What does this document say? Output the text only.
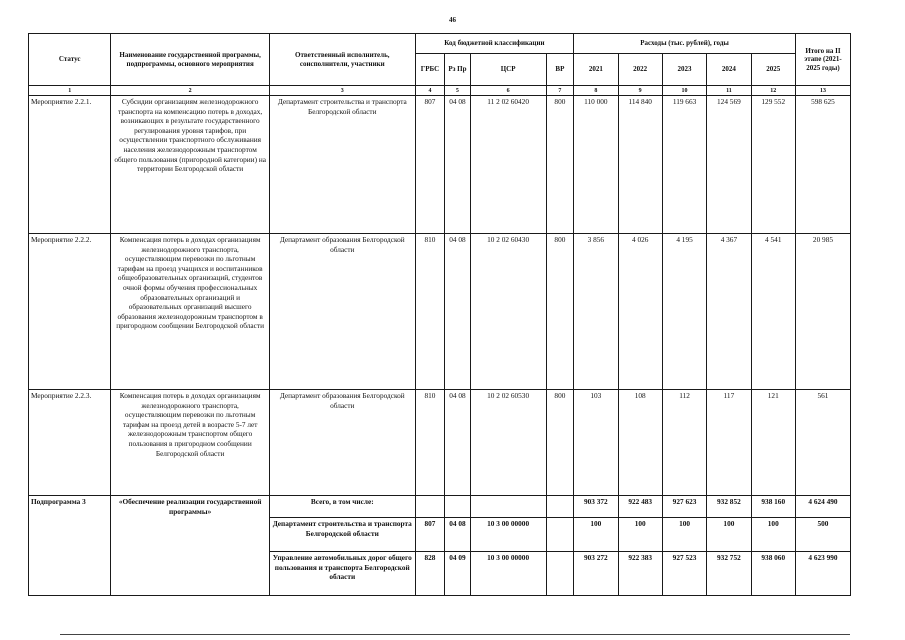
46
Статус	Наименование государственной программы, подпрограммы, основного мероприятия	Ответственный исполнитель, соисполнители, участники	Код бюджетной классификации				Расходы (тыс. рублей), годы					Итого на II этапе (2021-2025 годы)
			ГРБС	Рз Пр	ЦСР	ВР	2021	2022	2023	2024	2025	
1	2	3	4	5	6	7	8	9	10	11	12	13
Мероприятие 2.2.1.	Субсидии организациям железнодорожного транспорта на компенсацию потерь в доходах, возникающих в результате государственного регулирования уровня тарифов, при осуществлении транспортного обслуживания населения железнодорожным транспортом общего пользования (пригородной категории) на территории Белгородской области	Департамент строительства и транспорта Белгородской области	807	04 08	11 2 02 60420	800	110 000	114 840	119 663	124 569	129 552	598 625
Мероприятие 2.2.2.	Компенсация потерь в доходах организациям железнодорожного транспорта, осуществляющим перевозки по льготным тарифам на проезд учащихся и воспитанников общеобразовательных организаций, студентов очной формы обучения профессиональных образовательных организаций и образовательных организаций высшего образования железнодорожным транспортом в пригородном сообщении Белгородской области	Департамент образования Белгородской области	810	04 08	10 2 02 60430	800	3 856	4 026	4 195	4 367	4 541	20 985
Мероприятие 2.2.3.	Компенсация потерь в доходах организациям железнодорожного транспорта, осуществляющим перевозки по льготным тарифам на проезд детей в возрасте 5-7 лет железнодорожным транспортом общего пользования в пригородном сообщении Белгородской области	Департамент образования Белгородской области	810	04 08	10 2 02 60530	800	103	108	112	117	121	561
Подпрограмма 3	«Обеспечение реализации государственной программы»	Всего, в том числе:					903 372	922 483	927 623	932 852	938 160	4 624 490
		Департамент строительства и транспорта Белгородской области	807	04 08	10 3 00 00000		100	100	100	100	100	500
		Управление автомобильных дорог общего пользования и транспорта Белгородской области	828	04 09	10 3 00 00000		903 272	922 383	927 523	932 752	938 060	4 623 990
